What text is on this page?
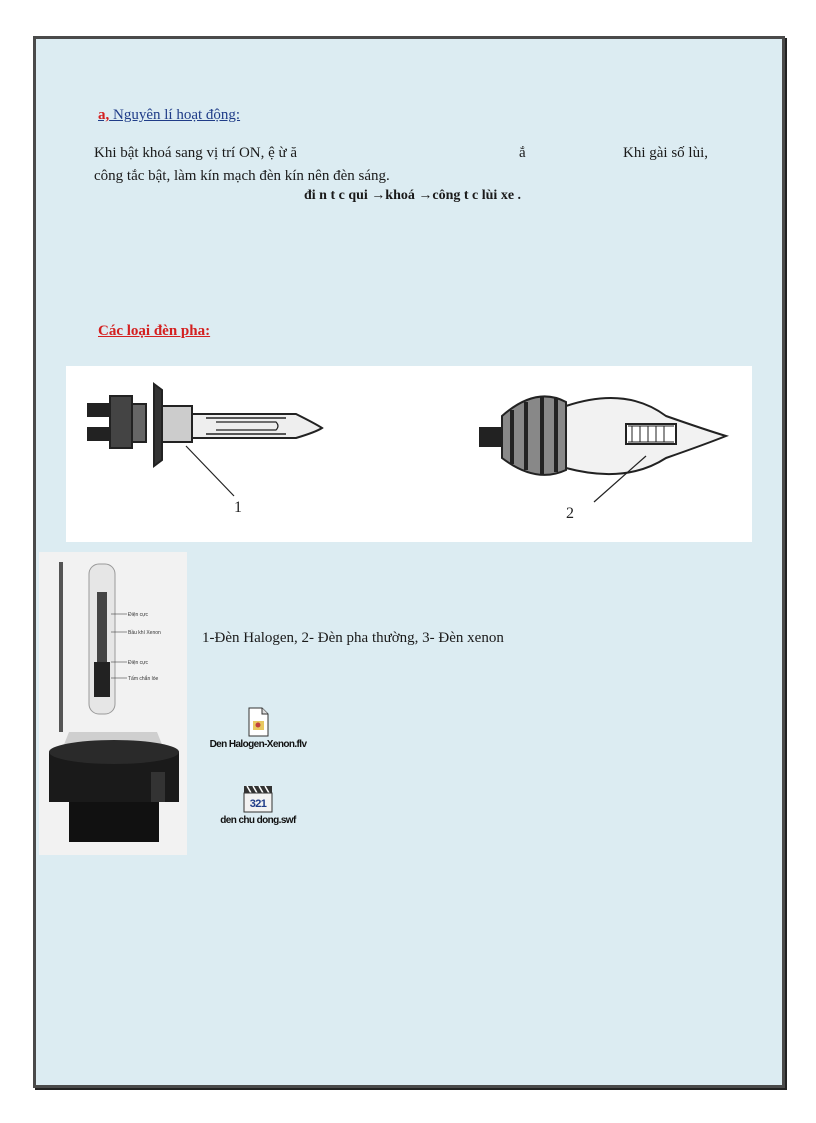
a, Nguyên lí hoạt động:
Khi bật khoá sang vị trí ON, ệ ừ ă	ắ	Khi gài số lùi,
công tắc bật, làm kín mạch đèn kín nên đèn sáng.
đi n t c qui →khoá →công t c lùi xe .
Các loại đèn pha:
1	2
Điện cực
Bầu khí Xenon
Điện cực
Tấm chắn lóe
1-Đèn Halogen, 2- Đèn pha thường, 3- Đèn xenon
Den Halogen-Xenon.flv
321
den chu dong.swf
